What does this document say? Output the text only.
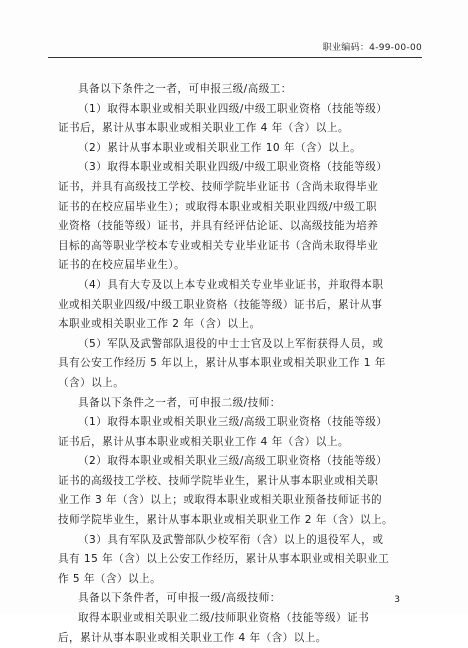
职业编码：4-99-00-00
具备以下条件之一者，可申报三级/高级工：
（1）取得本职业或相关职业四级/中级工职业资格（技能等级）
证书后，累计从事本职业或相关职业工作 4 年（含）以上。
（2）累计从事本职业或相关职业工作 10 年（含）以上。
（3）取得本职业或相关职业四级/中级工职业资格（技能等级）
证书，并具有高级技工学校、技师学院毕业证书（含尚未取得毕业
证书的在校应届毕业生）；或取得本职业或相关职业四级/中级工职
业资格（技能等级）证书，并具有经评估论证、以高级技能为培养
目标的高等职业学校本专业或相关专业毕业证书（含尚未取得毕业
证书的在校应届毕业生）。
（4）具有大专及以上本专业或相关专业毕业证书，并取得本职
业或相关职业四级/中级工职业资格（技能等级）证书后，累计从事
本职业或相关职业工作 2 年（含）以上。
（5）军队及武警部队退役的中士士官及以上军衔获得人员，或
具有公安工作经历 5 年以上，累计从事本职业或相关职业工作 1 年
（含）以上。
具备以下条件之一者，可申报二级/技师：
（1）取得本职业或相关职业三级/高级工职业资格（技能等级）
证书后，累计从事本职业或相关职业工作 4 年（含）以上。
（2）取得本职业或相关职业三级/高级工职业资格（技能等级）
证书的高级技工学校、技师学院毕业生，累计从事本职业或相关职
业工作 3 年（含）以上；或取得本职业或相关职业预备技师证书的
技师学院毕业生，累计从事本职业或相关职业工作 2 年（含）以上。
（3）具有军队及武警部队少校军衔（含）以上的退役军人，或
具有 15 年（含）以上公安工作经历，累计从事本职业或相关职业工
作 5 年（含）以上。
具备以下条件者，可申报一级/高级技师：
取得本职业或相关职业二级/技师职业资格（技能等级）证书
后，累计从事本职业或相关职业工作 4 年（含）以上。
3
